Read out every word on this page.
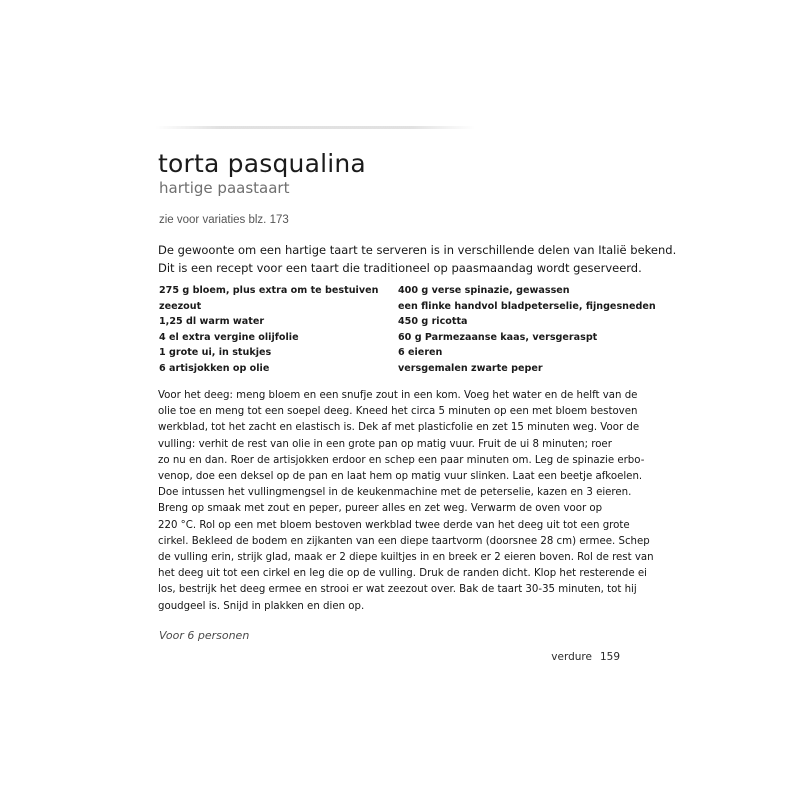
torta pasqualina
hartige paastaart
zie voor variaties blz. 173
De gewoonte om een hartige taart te serveren is in verschillende delen van Italië bekend.
Dit is een recept voor een taart die traditioneel op paasmaandag wordt geserveerd.
275 g bloem, plus extra om te bestuiven
zeezout
1,25 dl warm water
4 el extra vergine olijfolie
1 grote ui, in stukjes
6 artisjokken op olie
400 g verse spinazie, gewassen
een flinke handvol bladpeterselie, fijngesneden
450 g ricotta
60 g Parmezaanse kaas, versgeraspt
6 eieren
versgemalen zwarte peper
Voor het deeg: meng bloem en een snufje zout in een kom. Voeg het water en de helft van de
olie toe en meng tot een soepel deeg. Kneed het circa 5 minuten op een met bloem bestoven
werkblad, tot het zacht en elastisch is. Dek af met plasticfolie en zet 15 minuten weg. Voor de
vulling: verhit de rest van olie in een grote pan op matig vuur. Fruit de ui 8 minuten; roer
zo nu en dan. Roer de artisjokken erdoor en schep een paar minuten om. Leg de spinazie erbo-
venop, doe een deksel op de pan en laat hem op matig vuur slinken. Laat een beetje afkoelen.
Doe intussen het vullingmengsel in de keukenmachine met de peterselie, kazen en 3 eieren.
Breng op smaak met zout en peper, pureer alles en zet weg. Verwarm de oven voor op
220 °C. Rol op een met bloem bestoven werkblad twee derde van het deeg uit tot een grote
cirkel. Bekleed de bodem en zijkanten van een diepe taartvorm (doorsnee 28 cm) ermee. Schep
de vulling erin, strijk glad, maak er 2 diepe kuiltjes in en breek er 2 eieren boven. Rol de rest van
het deeg uit tot een cirkel en leg die op de vulling. Druk de randen dicht. Klop het resterende ei
los, bestrijk het deeg ermee en strooi er wat zeezout over. Bak de taart 30-35 minuten, tot hij
goudgeel is. Snijd in plakken en dien op.
Voor 6 personen
verdure 159
